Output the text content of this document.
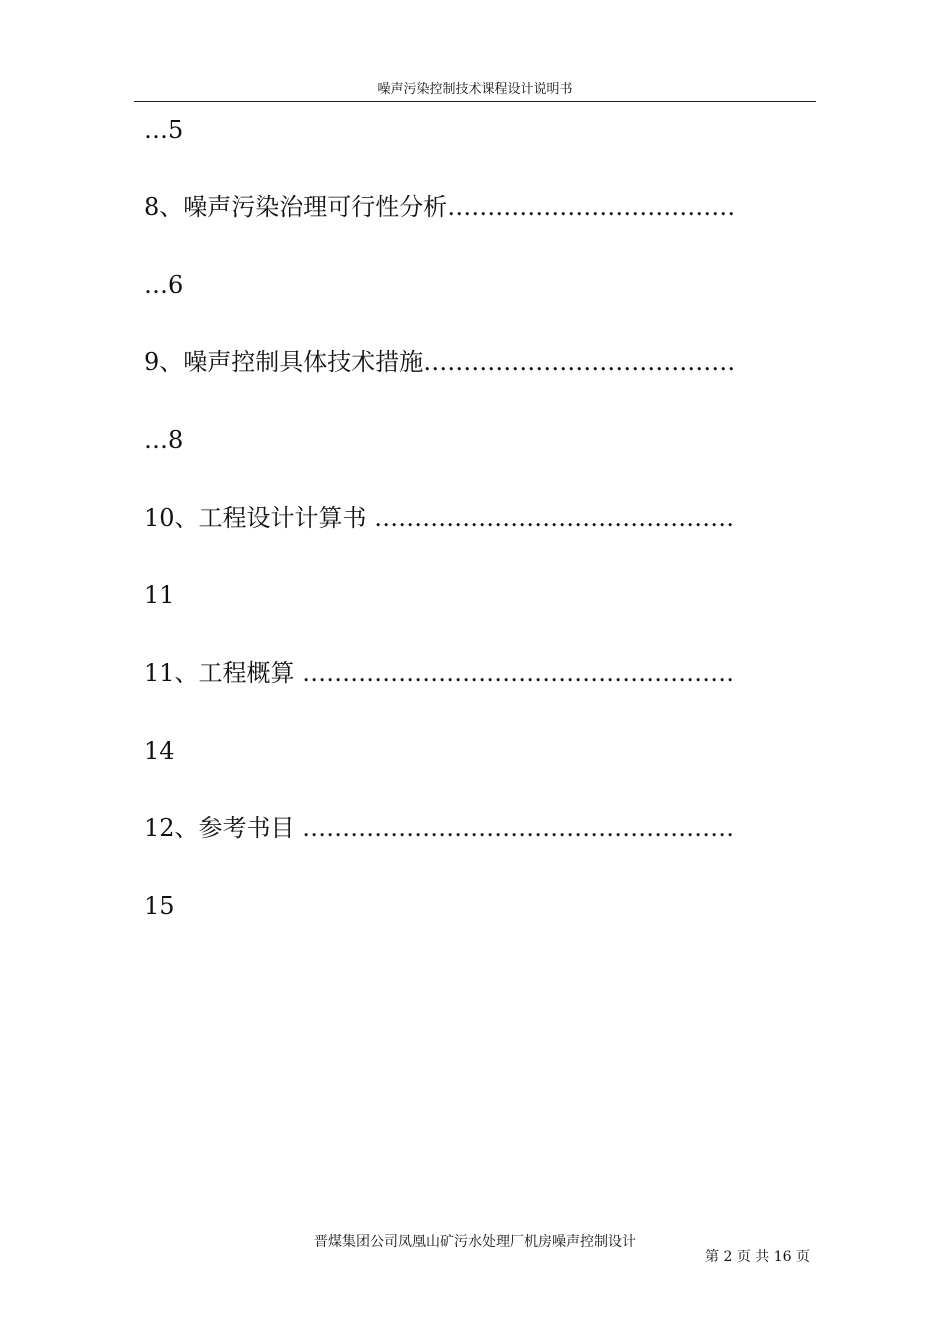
噪声污染控制技术课程设计说明书
…5
8、噪声污染治理可行性分析………………………………
…6
9、噪声控制具体技术措施…………………………………
…8
10、工程设计计算书 ………………………………………
11
11、工程概算 ………………………………………………
14
12、参考书目 ………………………………………………
15
晋煤集团公司凤凰山矿污水处理厂机房噪声控制设计
第 2 页 共 16 页
